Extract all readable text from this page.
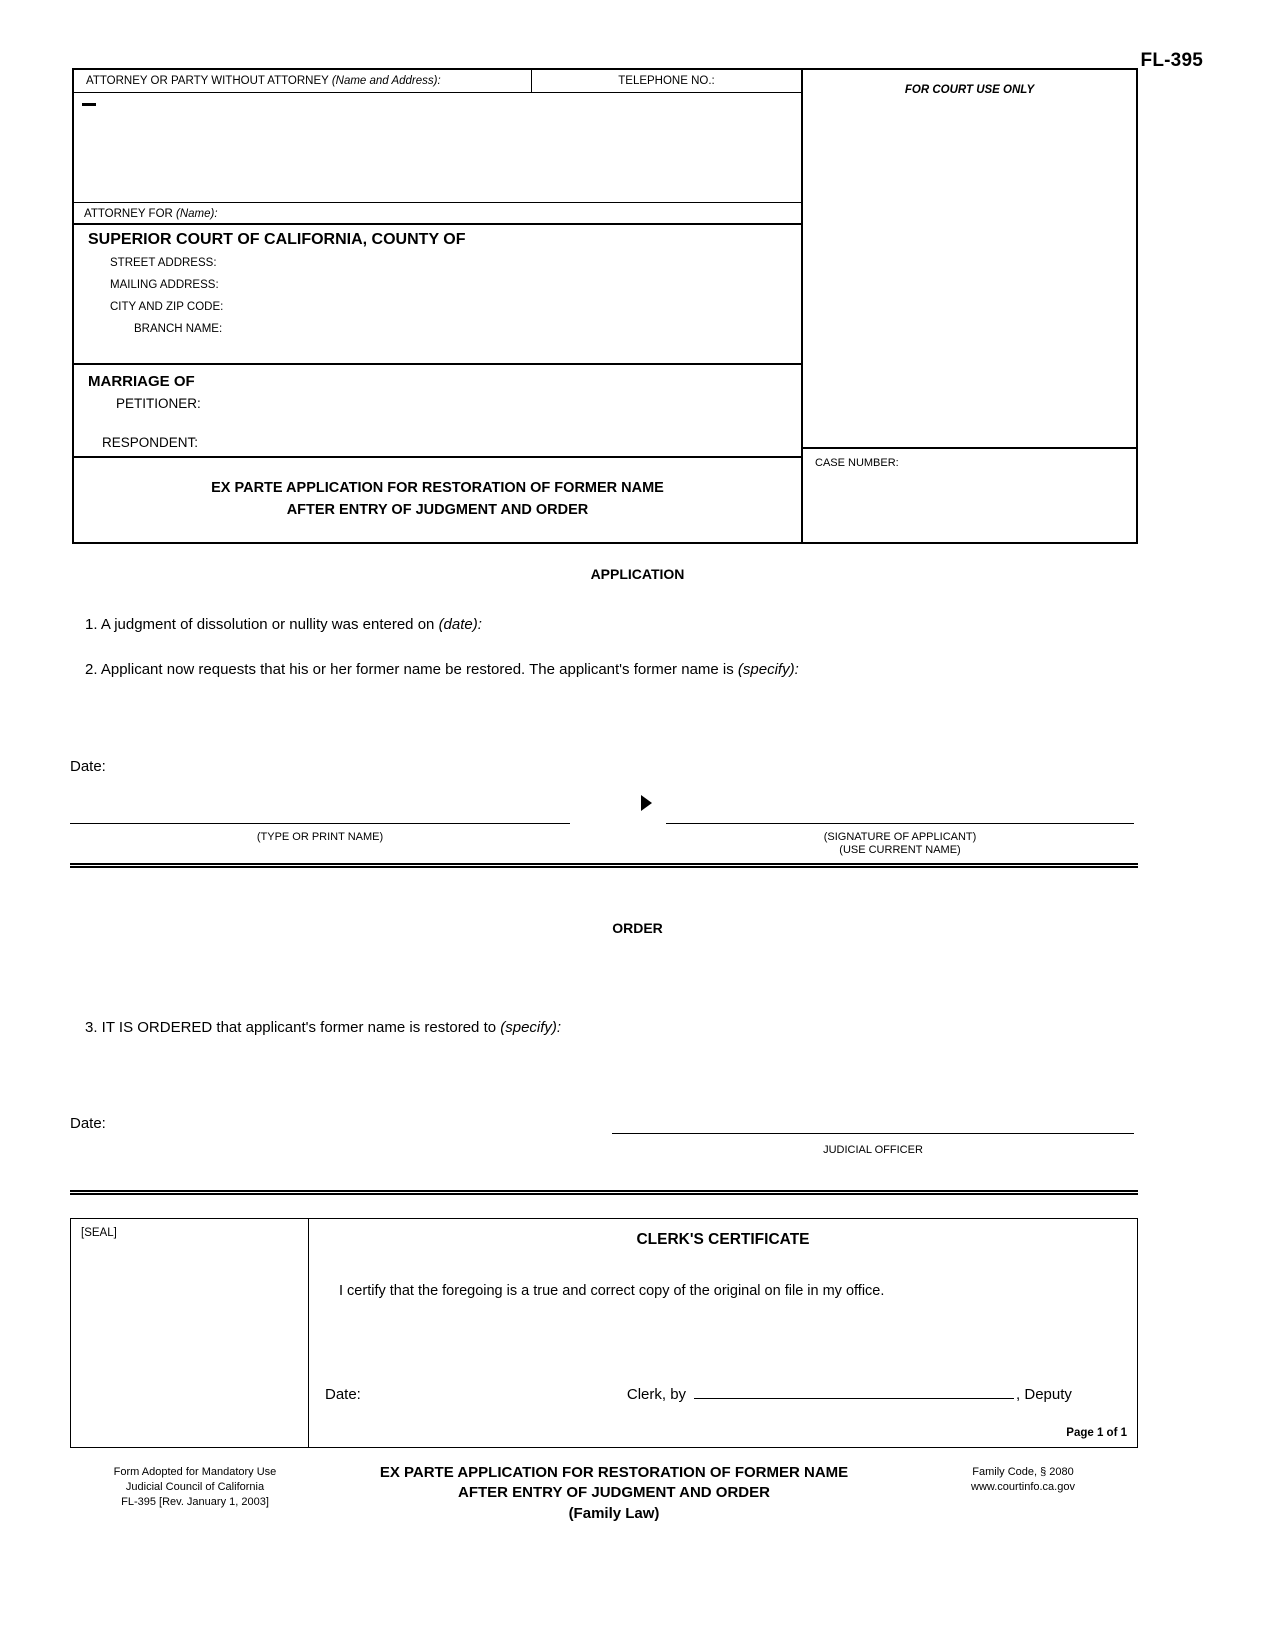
FL-395
ATTORNEY OR PARTY WITHOUT ATTORNEY (Name and Address):	TELEPHONE NO.:
ATTORNEY FOR (Name):
SUPERIOR COURT OF CALIFORNIA, COUNTY OF
STREET ADDRESS:
MAILING ADDRESS:
CITY AND ZIP CODE:
BRANCH NAME:
MARRIAGE OF
PETITIONER:
RESPONDENT:
EX PARTE APPLICATION FOR RESTORATION OF FORMER NAME
AFTER ENTRY OF JUDGMENT AND ORDER
FOR COURT USE ONLY
CASE NUMBER:
APPLICATION
1. A judgment of dissolution or nullity was entered on (date):
2. Applicant now requests that his or her former name be restored. The applicant's former name is (specify):
Date:
(TYPE OR PRINT NAME)	(SIGNATURE OF APPLICANT)
(USE CURRENT NAME)
ORDER
3. IT IS ORDERED that applicant's former name is restored to (specify):
Date:
JUDICIAL OFFICER
[SEAL]	CLERK'S CERTIFICATE
I certify that the foregoing is a true and correct copy of the original on file in my office.
Date:	Clerk, by	, Deputy
Page 1 of 1
Form Adopted for Mandatory Use
Judicial Council of California
FL-395 [Rev. January 1, 2003]
EX PARTE APPLICATION FOR RESTORATION OF FORMER NAME
AFTER ENTRY OF JUDGMENT AND ORDER
(Family Law)
Family Code, § 2080
www.courtinfo.ca.gov
